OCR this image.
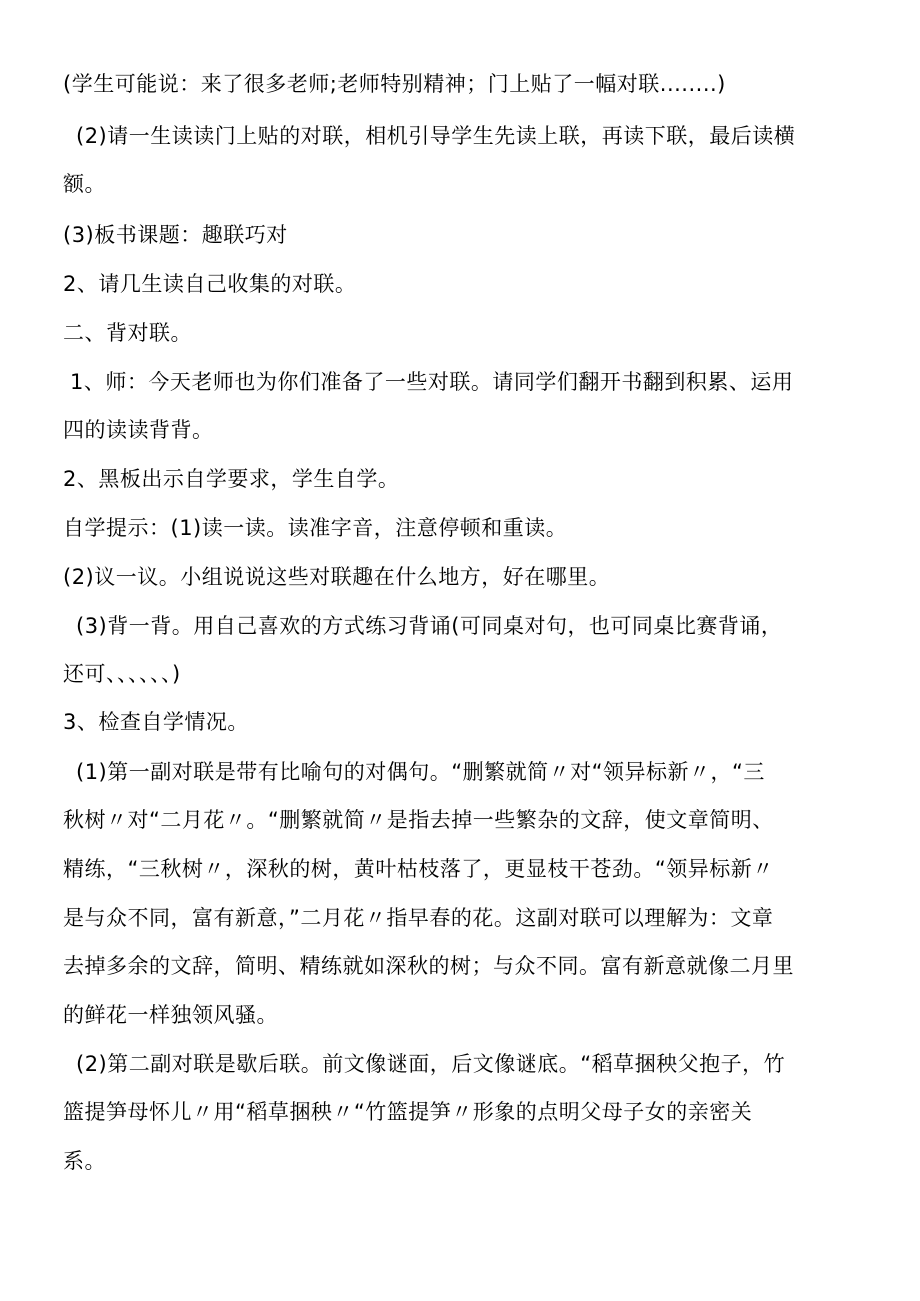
(学生可能说：来了很多老师;老师特别精神；门上贴了一幅对联........)
(2)请一生读读门上贴的对联，相机引导学生先读上联，再读下联，最后读横
额。
(3)板书课题：趣联巧对
2、请几生读自己收集的对联。
二、背对联。
1、师：今天老师也为你们准备了一些对联。请同学们翻开书翻到积累、运用
四的读读背背。
2、黑板出示自学要求，学生自学。
自学提示：(1)读一读。读准字音，注意停顿和重读。
(2)议一议。小组说说这些对联趣在什么地方，好在哪里。
(3)背一背。用自己喜欢的方式练习背诵(可同桌对句，也可同桌比赛背诵，
还可、、、、、、)
3、检查自学情况。
(1)第一副对联是带有比喻句的对偶句。“删繁就简〃对“领异标新〃，“三
秋树〃对“二月花〃。“删繁就简〃是指去掉一些繁杂的文辞，使文章简明、
精练，“三秋树〃，深秋的树，黄叶枯枝落了，更显枝干苍劲。“领异标新〃
是与众不同，富有新意，”二月花〃指早春的花。这副对联可以理解为：文章
去掉多余的文辞，简明、精练就如深秋的树；与众不同。富有新意就像二月里
的鲜花一样独领风骚。
(2)第二副对联是歇后联。前文像谜面，后文像谜底。“稻草捆秧父抱子，竹
篮提笋母怀儿〃用“稻草捆秧〃“竹篮提笋〃形象的点明父母子女的亲密关
系。
